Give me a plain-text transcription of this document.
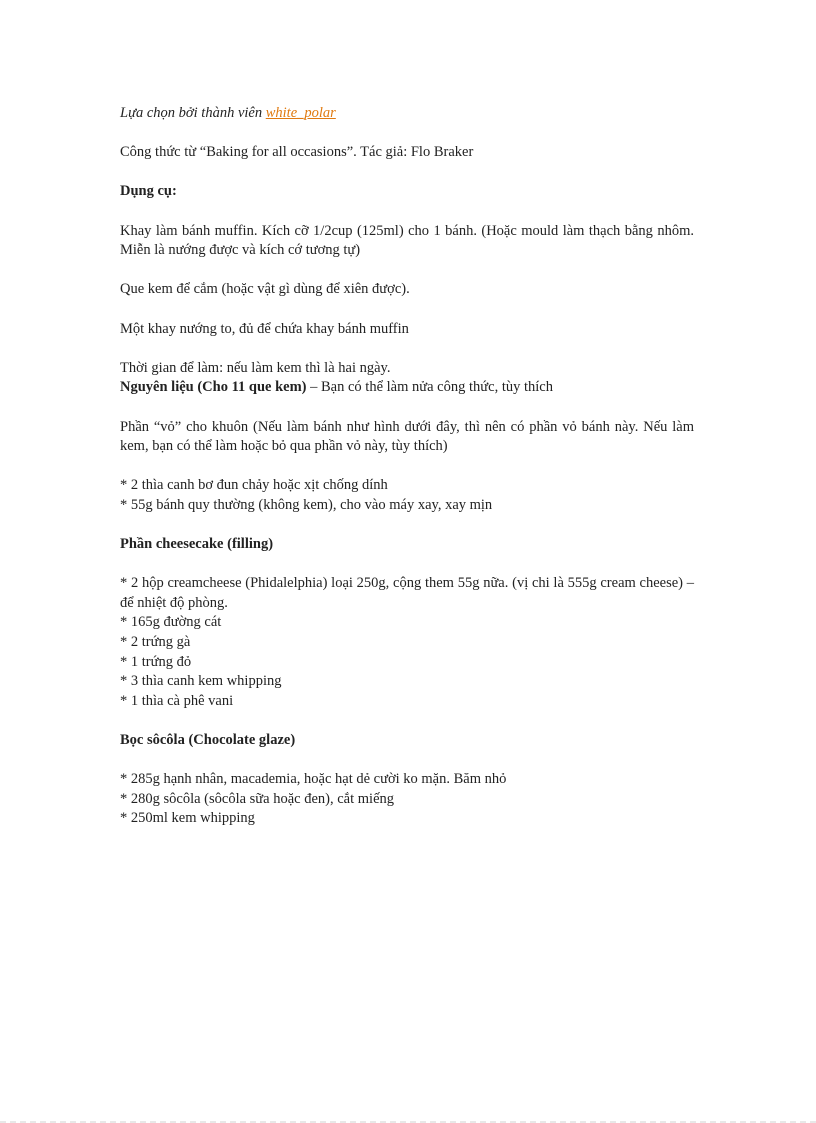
Lựa chọn bởi thành viên white_polar
Công thức từ “Baking for all occasions”. Tác giả: Flo Braker
Dụng cụ:
Khay làm bánh muffin. Kích cỡ 1/2cup (125ml) cho 1 bánh. (Hoặc mould làm thạch bằng nhôm. Miễn là nướng được và kích cớ tương tự)
Que kem để cắm (hoặc vật gì dùng để xiên được).
Một khay nướng to, đủ để chứa khay bánh muffin
Thời gian để làm: nếu làm kem thì là hai ngày.
Nguyên liệu (Cho 11 que kem) – Bạn có thể làm nửa công thức, tùy thích
Phần “vỏ” cho khuôn (Nếu làm bánh như hình dưới đây, thì nên có phần vỏ bánh này. Nếu làm kem, bạn có thể làm hoặc bỏ qua phần vỏ này, tùy thích)
* 2 thìa canh bơ đun chảy hoặc xịt chống dính
* 55g bánh quy thường (không kem), cho vào máy xay, xay mịn
Phần cheesecake (filling)
* 2 hộp creamcheese (Phidalelphia) loại 250g, cộng them 55g nữa. (vị chi là 555g cream cheese) – để nhiệt độ phòng.
* 165g đường cát
* 2 trứng gà
* 1 trứng đỏ
* 3 thìa canh kem whipping
* 1 thìa cà phê vani
Bọc sôcôla (Chocolate glaze)
* 285g hạnh nhân, macademia, hoặc hạt dẻ cười ko mặn. Băm nhỏ
* 280g sôcôla (sôcôla sữa hoặc đen), cắt miếng
* 250ml kem whipping
